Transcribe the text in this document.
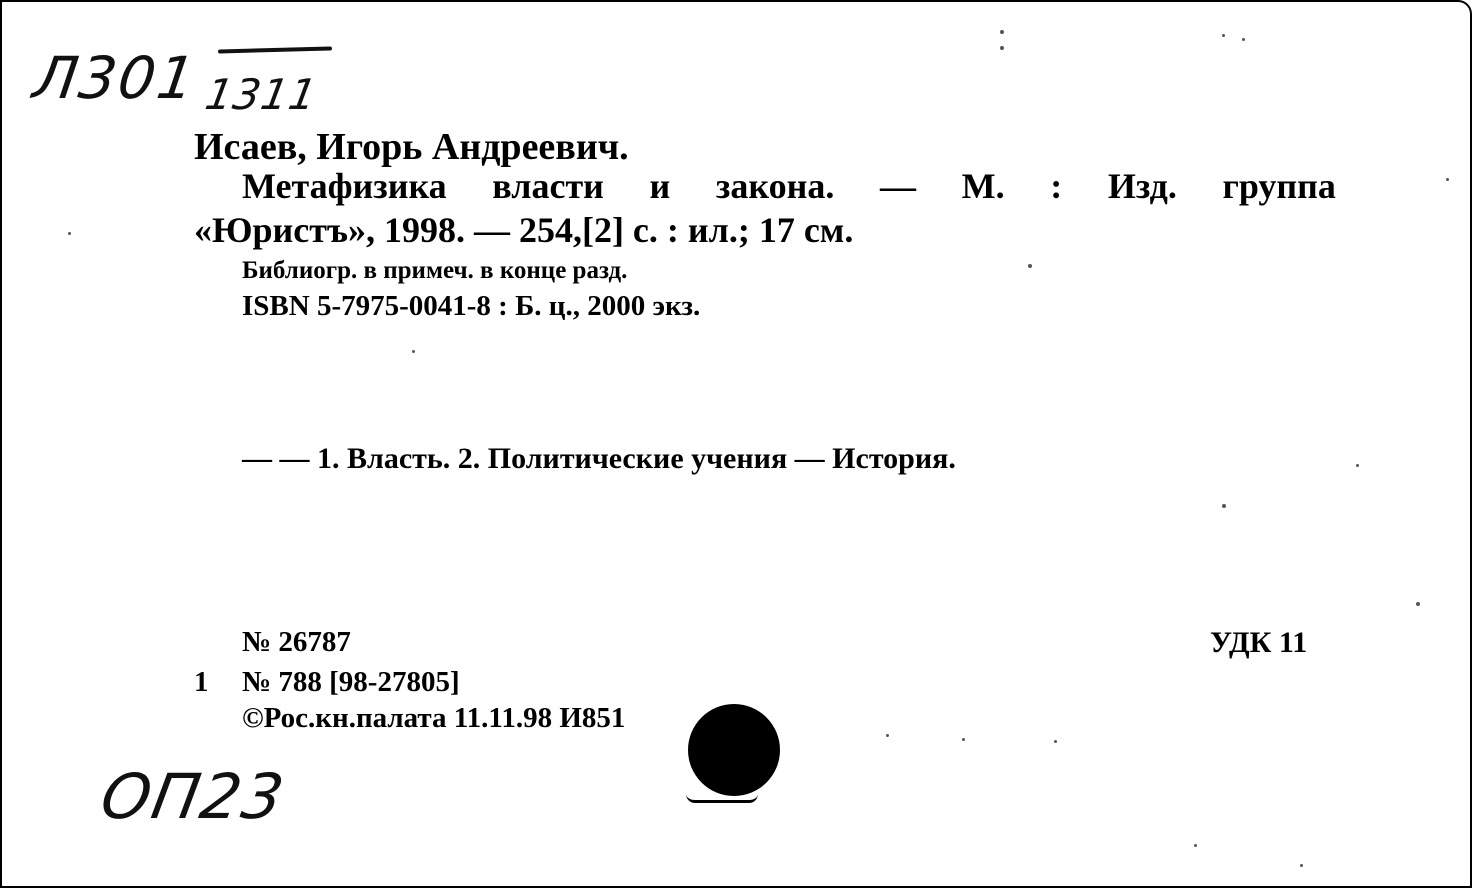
Л301 1311
Исаев, Игорь Андреевич.
Метафизика власти и закона. — М. : Изд. группа
«Юристъ», 1998. — 254,[2] с. : ил.; 17 см.
Библиогр. в примеч. в конце разд.
ISBN 5-7975-0041-8 : Б. ц., 2000 экз.
— — 1. Власть. 2. Политические учения — История.
№ 26787	УДК 11
1 № 788 [98-27805]
©Рос.кн.палата 11.11.98 И851
ОП23
